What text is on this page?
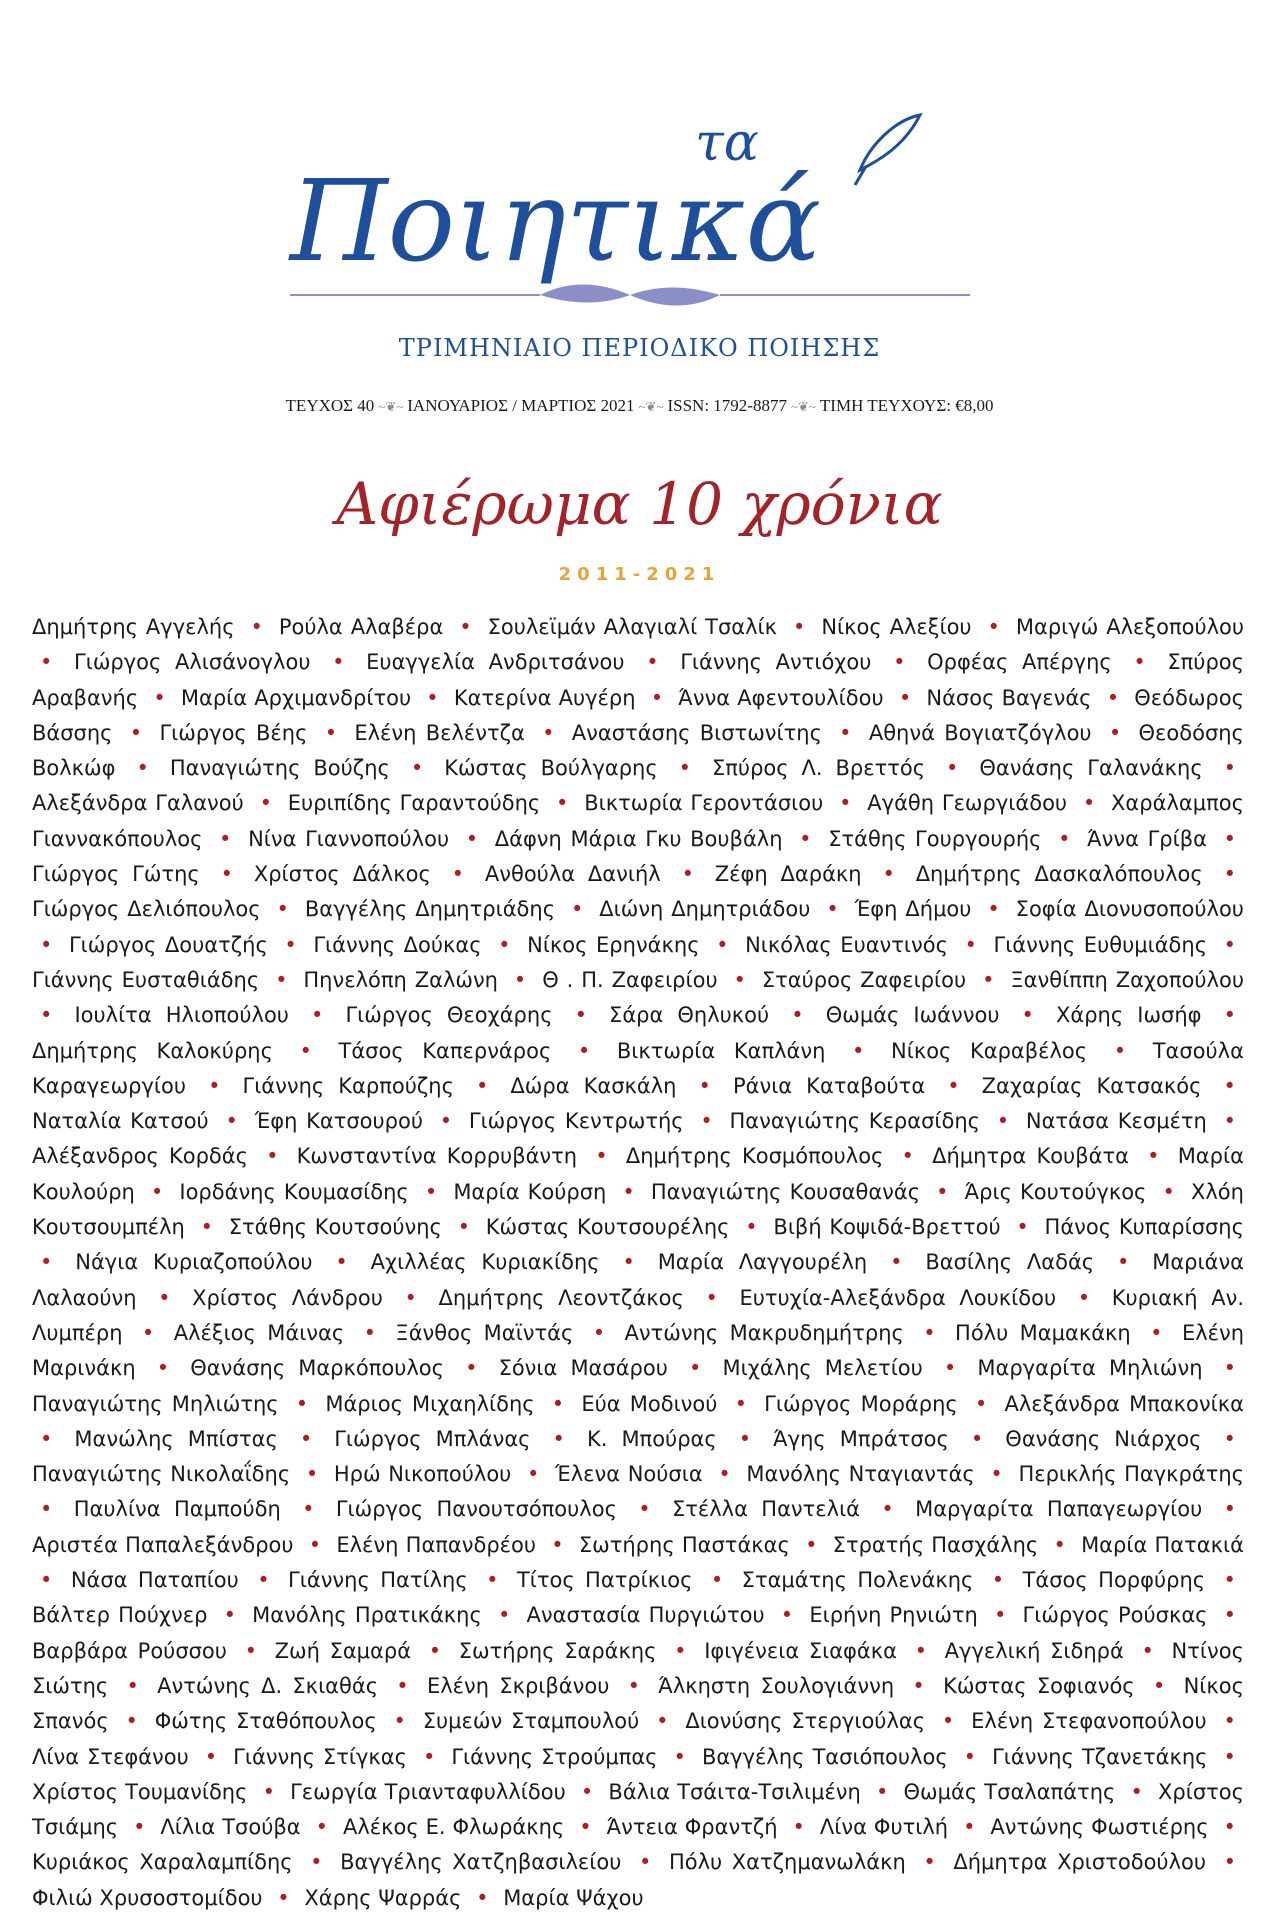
τα
Ποιητικά
ΤΡΙΜΗΝΙΑΙΟ ΠΕΡΙΟΔΙΚΟ ΠΟΙΗΣΗΣ
ΤΕΥΧΟΣ 40 ~❦~ ΙΑΝΟΥΑΡΙΟΣ / ΜΑΡΤΙΟΣ 2021 ~❦~ ISSN: 1792-8877 ~❦~ ΤΙΜΗ ΤΕΥΧΟΥΣ: €8,00
Αφιέρωμα 10 χρόνια
2011-2021
Δημήτρης Αγγελής • Ρούλα Αλαβέρα • Σουλεϊμάν Αλαγιαλί Τσαλίκ • Νίκος Αλεξίου • Μαριγώ Αλεξοπούλου • Γιώργος Αλισάνογλου • Ευαγγελία Ανδριτσάνου • Γιάννης Αντιόχου • Ορφέας Απέργης • Σπύρος Αραβανής • Μαρία Αρχιμανδρίτου • Κατερίνα Αυγέρη • Άννα Αφεντουλίδου • Νάσος Βαγενάς • Θεόδωρος Βάσσης • Γιώργος Βέης • Ελένη Βελέντζα • Αναστάσης Βιστωνίτης • Αθηνά Βογιατζόγλου • Θεοδόσης Βολκώφ • Παναγιώτης Βούζης • Κώστας Βούλγαρης • Σπύρος Λ. Βρεττός • Θανάσης Γαλανάκης • Αλεξάνδρα Γαλανού • Ευριπίδης Γαραντούδης • Βικτωρία Γεροντάσιου • Αγάθη Γεωργιάδου • Χαράλαμπος Γιαννακόπουλος • Νίνα Γιαννοπούλου • Δάφνη Μάρια Γκυ Βουβάλη • Στάθης Γουργουρής • Άννα Γρίβα • Γιώργος Γώτης • Χρίστος Δάλκος • Ανθούλα Δανιήλ • Ζέφη Δαράκη • Δημήτρης Δασκαλόπουλος • Γιώργος Δελιόπουλος • Βαγγέλης Δημητριάδης • Διώνη Δημητριάδου • Έφη Δήμου • Σοφία Διονυσοπούλου • Γιώργος Δουατζής • Γιάννης Δούκας • Νίκος Ερηνάκης • Νικόλας Ευαντινός • Γιάννης Ευθυμιάδης • Γιάννης Ευσταθιάδης • Πηνελόπη Ζαλώνη • Θ . Π. Ζαφειρίου • Σταύρος Ζαφειρίου • Ξανθίππη Ζαχοπούλου • Ιουλίτα Ηλιοπούλου • Γιώργος Θεοχάρης • Σάρα Θηλυκού • Θωμάς Ιωάννου • Χάρης Ιωσήφ • Δημήτρης Καλοκύρης • Τάσος Καπερνάρος • Βικτωρία Καπλάνη • Νίκος Καραβέλος • Τασούλα Καραγεωργίου • Γιάννης Καρπούζης • Δώρα Κασκάλη • Ράνια Καταβούτα • Ζαχαρίας Κατσακός • Ναταλία Κατσού • Έφη Κατσουρού • Γιώργος Κεντρωτής • Παναγιώτης Κερασίδης • Νατάσα Κεσμέτη • Αλέξανδρος Κορδάς • Κωνσταντίνα Κορρυβάντη • Δημήτρης Κοσμόπουλος • Δήμητρα Κουβάτα • Μαρία Κουλούρη • Ιορδάνης Κουμασίδης • Μαρία Κούρση • Παναγιώτης Κουσαθανάς • Άρις Κουτούγκος • Χλόη Κουτσουμπέλη • Στάθης Κουτσούνης • Κώστας Κουτσουρέλης • Βιβή Κοψιδά-Βρεττού • Πάνος Κυπαρίσσης • Νάγια Κυριαζοπούλου • Αχιλλέας Κυριακίδης • Μαρία Λαγγουρέλη • Βασίλης Λαδάς • Μαριάνα Λαλαούνη • Χρίστος Λάνδρου • Δημήτρης Λεοντζάκος • Ευτυχία-Αλεξάνδρα Λουκίδου • Κυριακή Αν. Λυμπέρη • Αλέξιος Μάινας • Ξάνθος Μαϊντάς • Αντώνης Μακρυδημήτρης • Πόλυ Μαμακάκη • Ελένη Μαρινάκη • Θανάσης Μαρκόπουλος • Σόνια Μασάρου • Μιχάλης Μελετίου • Μαργαρίτα Μηλιώνη • Παναγιώτης Μηλιώτης • Μάριος Μιχαηλίδης • Εύα Μοδινού • Γιώργος Μοράρης • Αλεξάνδρα Μπακονίκα • Μανώλης Μπίστας • Γιώργος Μπλάνας • Κ. Μπούρας • Άγης Μπράτσος • Θανάσης Νιάρχος • Παναγιώτης Νικολαΐδης • Ηρώ Νικοπούλου • Έλενα Νούσια • Μανόλης Νταγιαντάς • Περικλής Παγκράτης • Παυλίνα Παμπούδη • Γιώργος Πανουτσόπουλος • Στέλλα Παντελιά • Μαργαρίτα Παπαγεωργίου • Αριστέα Παπαλεξάνδρου • Ελένη Παπανδρέου • Σωτήρης Παστάκας • Στρατής Πασχάλης • Μαρία Πατακιά • Νάσα Παταπίου • Γιάννης Πατίλης • Τίτος Πατρίκιος • Σταμάτης Πολενάκης • Τάσος Πορφύρης • Βάλτερ Πούχνερ • Μανόλης Πρατικάκης • Αναστασία Πυργιώτου • Ειρήνη Ρηνιώτη • Γιώργος Ρούσκας • Βαρβάρα Ρούσσου • Ζωή Σαμαρά • Σωτήρης Σαράκης • Ιφιγένεια Σιαφάκα • Αγγελική Σιδηρά • Ντίνος Σιώτης • Αντώνης Δ. Σκιαθάς • Ελένη Σκριβάνου • Άλκηστη Σουλογιάννη • Κώστας Σοφιανός • Νίκος Σπανός • Φώτης Σταθόπουλος • Συμεών Σταμπουλού • Διονύσης Στεργιούλας • Ελένη Στεφανοπούλου • Λίνα Στεφάνου • Γιάννης Στίγκας • Γιάννης Στρούμπας • Βαγγέλης Τασιόπουλος • Γιάννης Τζανετάκης • Χρίστος Τουμανίδης • Γεωργία Τριανταφυλλίδου • Βάλια Τσάιτα-Τσιλιμένη • Θωμάς Τσαλαπάτης • Χρίστος Τσιάμης • Λίλια Τσούβα • Αλέκος Ε. Φλωράκης • Άντεια Φραντζή • Λίνα Φυτιλή • Αντώνης Φωστιέρης • Κυριάκος Χαραλαμπίδης • Βαγγέλης Χατζηβασιλείου • Πόλυ Χατζημανωλάκη • Δήμητρα Χριστοδούλου • Φιλιώ Χρυσοστομίδου • Χάρης Ψαρράς • Μαρία Ψάχου
